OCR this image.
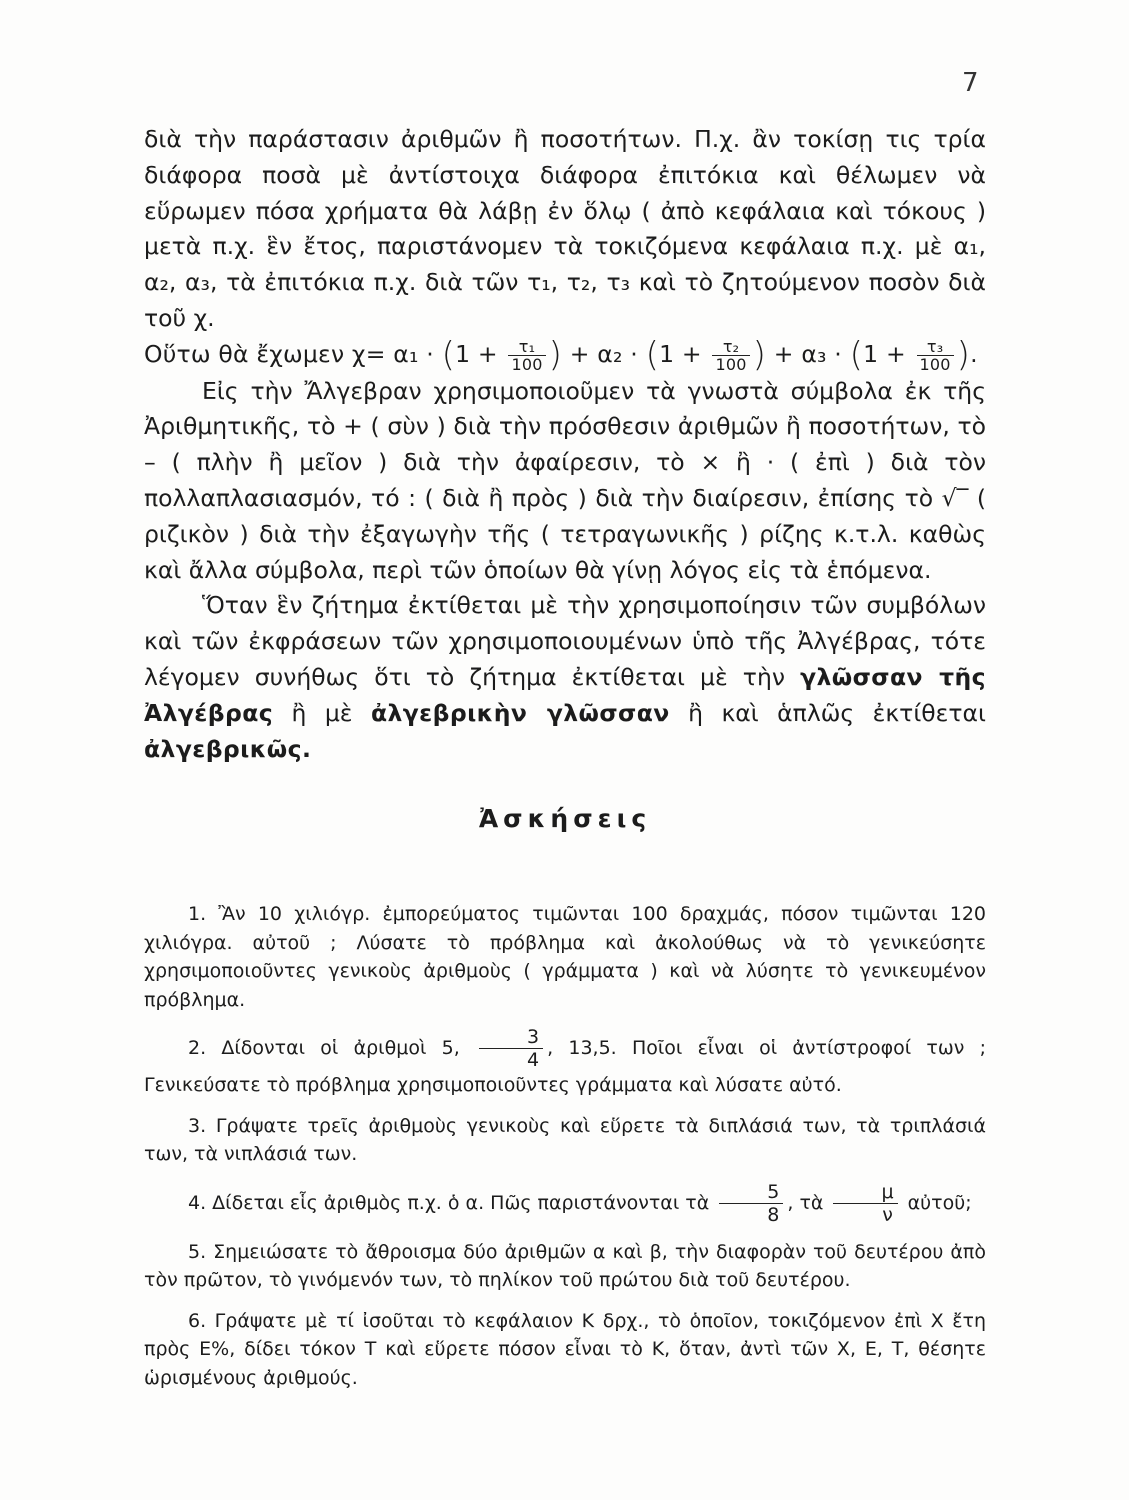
7

διὰ τὴν παράστασιν ἀριθμῶν ἢ ποσοτήτων. Π.χ. ἂν τοκίσῃ τις τρία διάφορα ποσὰ μὲ ἀντίστοιχα διάφορα ἐπιτόκια καὶ θέλωμεν νὰ εὕρωμεν πόσα χρήματα θὰ λάβῃ ἐν ὅλῳ ( ἀπὸ κεφάλαια καὶ τόκους ) μετὰ π.χ. ἓν ἔτος, παριστάνομεν τὰ τοκιζόμενα κεφάλαια π.χ. μὲ α₁, α₂, α₃, τὰ ἐπιτόκια π.χ. διὰ τῶν τ₁, τ₂, τ₃ καὶ τὸ ζητούμενον ποσὸν διὰ τοῦ χ.

Οὕτω θὰ ἔχωμεν $\chi= \alpha_1 \cdot (1 + \frac{\text{τ₁}}{100}$ ) + $\alpha_2 \cdot (1 + \frac{\text{τ₂}}{100}$ ) + $\alpha_3 \cdot (1 + \frac{\text{τ₃}}{100}$ ).

Εἰς τὴν Ἄλγεβραν χρησιμοποιοῦμεν τὰ γνωστὰ σύμβολα ἐκ τῆς Ἀριθμητικῆς, τὸ + ( σὺν ) διὰ τὴν πρόσθεσιν ἀριθμῶν ἢ ποσοτήτων, τὸ – ( πλὴν ἢ μεῖον ) διὰ τὴν ἀφαίρεσιν, τὸ × ἢ · ( ἐπὶ ) διὰ τὸν πολλαπλασιασμόν, τό : ( διὰ ἢ πρὸς ) διὰ τὴν διαίρεσιν, ἐπίσης τὸ √‾ ( ριζικὸν ) διὰ τὴν ἐξαγωγὴν τῆς ( τετραγωνικῆς ) ρίζης κ.τ.λ. καθὼς καὶ ἄλλα σύμβολα, περὶ τῶν ὁποίων θὰ γίνῃ λόγος εἰς τὰ ἑπόμενα.

Ὅταν ἓν ζήτημα ἐκτίθεται μὲ τὴν χρησιμοποίησιν τῶν συμβόλων καὶ τῶν ἐκφράσεων τῶν χρησιμοποιουμένων ὑπὸ τῆς Ἀλγέβρας, τότε λέγομεν συνήθως ὅτι τὸ ζήτημα ἐκτίθεται μὲ τὴν γλῶσσαν τῆς Ἀλγέβρας ἢ μὲ ἀλγεβρικὴν γλῶσσαν ἢ καὶ ἁπλῶς ἐκτίθεται ἀλγεβρικῶς.

Ἀσκήσεις

1. Ἂν 10 χιλιόγρ. ἐμπορεύματος τιμῶνται 100 δραχμάς, πόσον τιμῶνται 120 χιλιόγρα. αὐτοῦ ; Λύσατε τὸ πρόβλημα καὶ ἀκολούθως νὰ τὸ γενικεύσητε χρησιμοποιοῦντες γενικοὺς ἀριθμοὺς ( γράμματα ) καὶ νὰ λύσητε τὸ γενικευμένον πρόβλημα.

2. Δίδονται οἱ ἀριθμοὶ 5, $\frac{3}{4}$ , 13,5. Ποῖοι εἶναι οἱ ἀντίστροφοί των ; Γενικεύσατε τὸ πρόβλημα χρησιμοποιοῦντες γράμματα καὶ λύσατε αὐτό.

3. Γράψατε τρεῖς ἀριθμοὺς γενικοὺς καὶ εὕρετε τὰ διπλάσιά των, τὰ τριπλάσιά των, τὰ νιπλάσιά των.

4. Δίδεται εἷς ἀριθμὸς π.χ. ὁ α. Πῶς παριστάνονται τὰ $\frac{5}{8}$ , τὰ $\frac{\mu}{\nu}$ αὐτοῦ;

5. Σημειώσατε τὸ ἄθροισμα δύο ἀριθμῶν α καὶ β, τὴν διαφορὰν τοῦ δευτέρου ἀπὸ τὸν πρῶτον, τὸ γινόμενόν των, τὸ πηλίκον τοῦ πρώτου διὰ τοῦ δευτέρου.

6. Γράψατε μὲ τί ἰσοῦται τὸ κεφάλαιον Κ δρχ., τὸ ὁποῖον, τοκιζόμενον ἐπὶ Χ ἔτη πρὸς Ε%, δίδει τόκον Τ καὶ εὕρετε πόσον εἶναι τὸ Κ, ὅταν, ἀντὶ τῶν Χ, Ε, Τ, θέσητε ὡρισμένους ἀριθμούς.
